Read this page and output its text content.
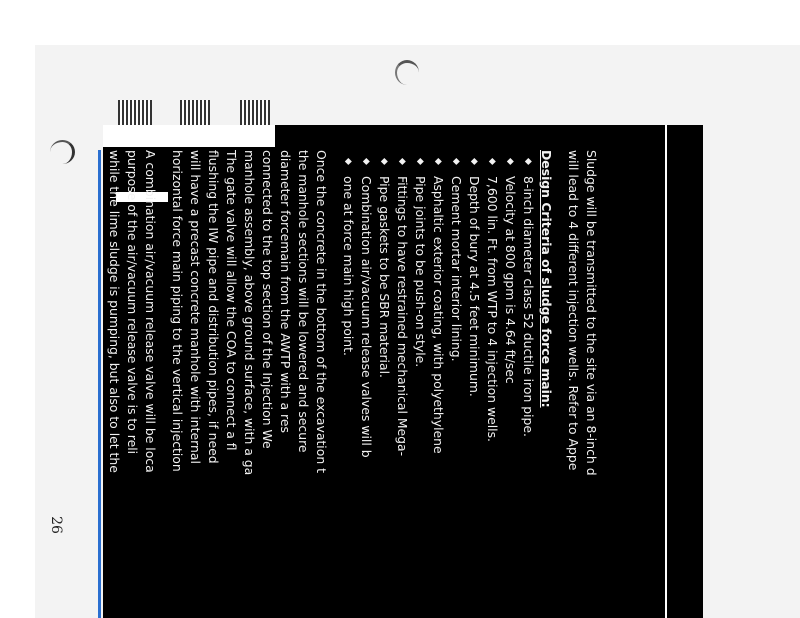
Sludge will be transmitted to the site via an 8-inch d

will lead to 4 different injection wells. Refer to Appe

Design Criteria of sludge force main:
◆ 8-inch diameter class 52 ductile iron pipe.
◆ Velocity at 800 gpm is 4.64 ft/sec
◆ 7,600 lin. Ft. from WTP to 4 injection wells.
◆ Depth of bury at 4.5 feet minimum.
◆ Cement mortar interior lining.
◆ Asphaltic exterior coating, with polyethylene
◆ Pipe joints to be push-on style.
◆ Fittings to have restrained mechanical Mega-
◆ Pipe gaskets to be SBR material.
◆ Combination air/vacuum release valves will b
◆ one at force main high point.

Once the concrete in the bottom of the excavation t

the manhole sections will be lowered and secure

diameter forcemain from the AWTP with a res

connected to the top section of the Injection We

manhole assembly, above ground surface, with a ga

The gate valve will allow the COA to connect a fl

flushing the IW pipe and distribution pipes, if need

will have a precast concrete manhole with internal

horizontal force main piping to the vertical injection

A combination air/vacuum release valve will be loca

purpose of the air/vacuum release valve is to reli

while the lime sludge is pumping, but also to let the

26
